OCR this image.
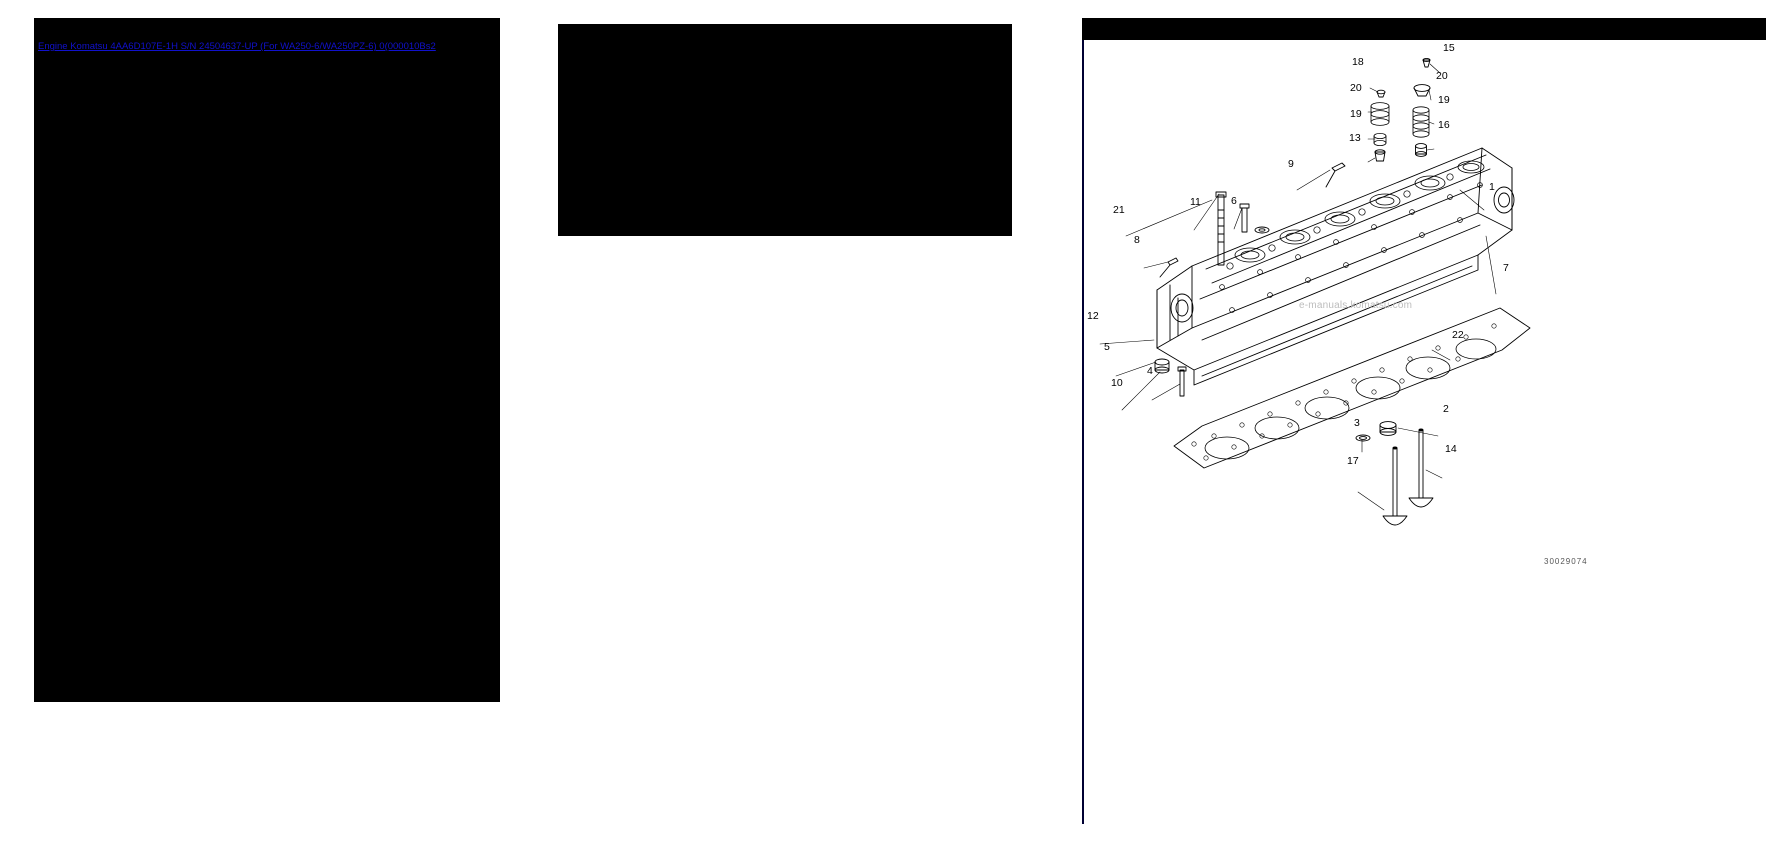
Engine Komatsu 4AA6D107E-1H S/N 24504637-UP (For WA250-6/WA250PZ-6) 0(000010Bs2	15
18
20
20
19
19
16
13
9
1
21
11	6
7
8
12
22
5
10
4
2
3
14
17
e-manuals.komatsu.com
30029074
